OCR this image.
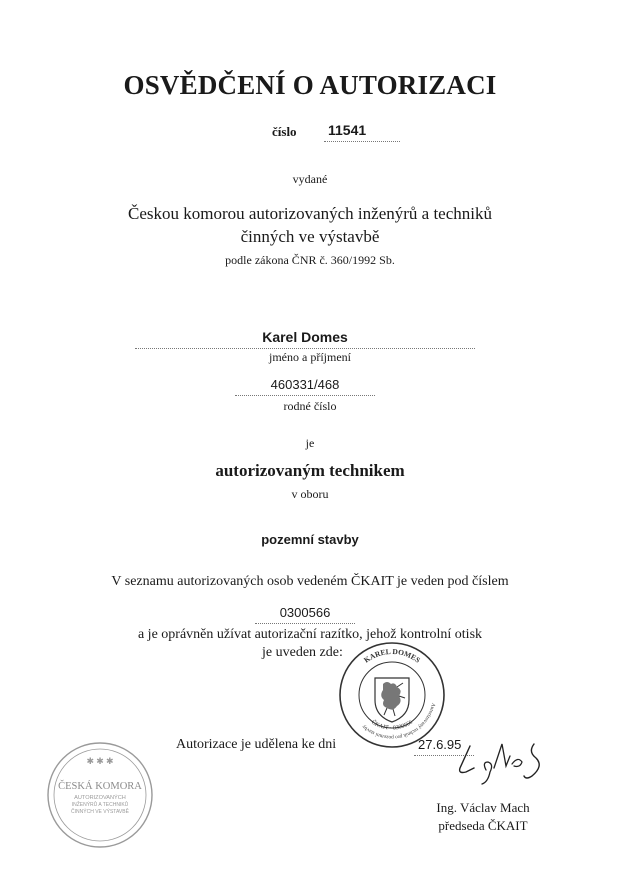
OSVĚDČENÍ O AUTORIZACI
číslo 11541
vydané
Českou komorou autorizovaných inženýrů a techniků
činných ve výstavbě
podle zákona ČNR č. 360/1992 Sb.
Karel Domes
jméno a příjmení
460331/468
rodné číslo
je
autorizovaným technikem
v oboru
pozemní stavby
V seznamu autorizovaných osob vedeném ČKAIT je veden pod číslem
0300566
a je oprávněn užívat autorizační razítko, jehož kontrolní otisk
je uveden zde:	KAREL DOMES
Autorizovaný technik pro pozemní stavby ČKAIT · 0300566
Autorizace je udělena ke dni	27.6.95
✱ ✱ ✱
ČESKÁ KOMORA
AUTORIZOVANÝCH
INŽENÝRŮ A TECHNIKŮ
ČINNÝCH VE VÝSTAVBĚ	Ing. Václav Mach
předseda ČKAIT
